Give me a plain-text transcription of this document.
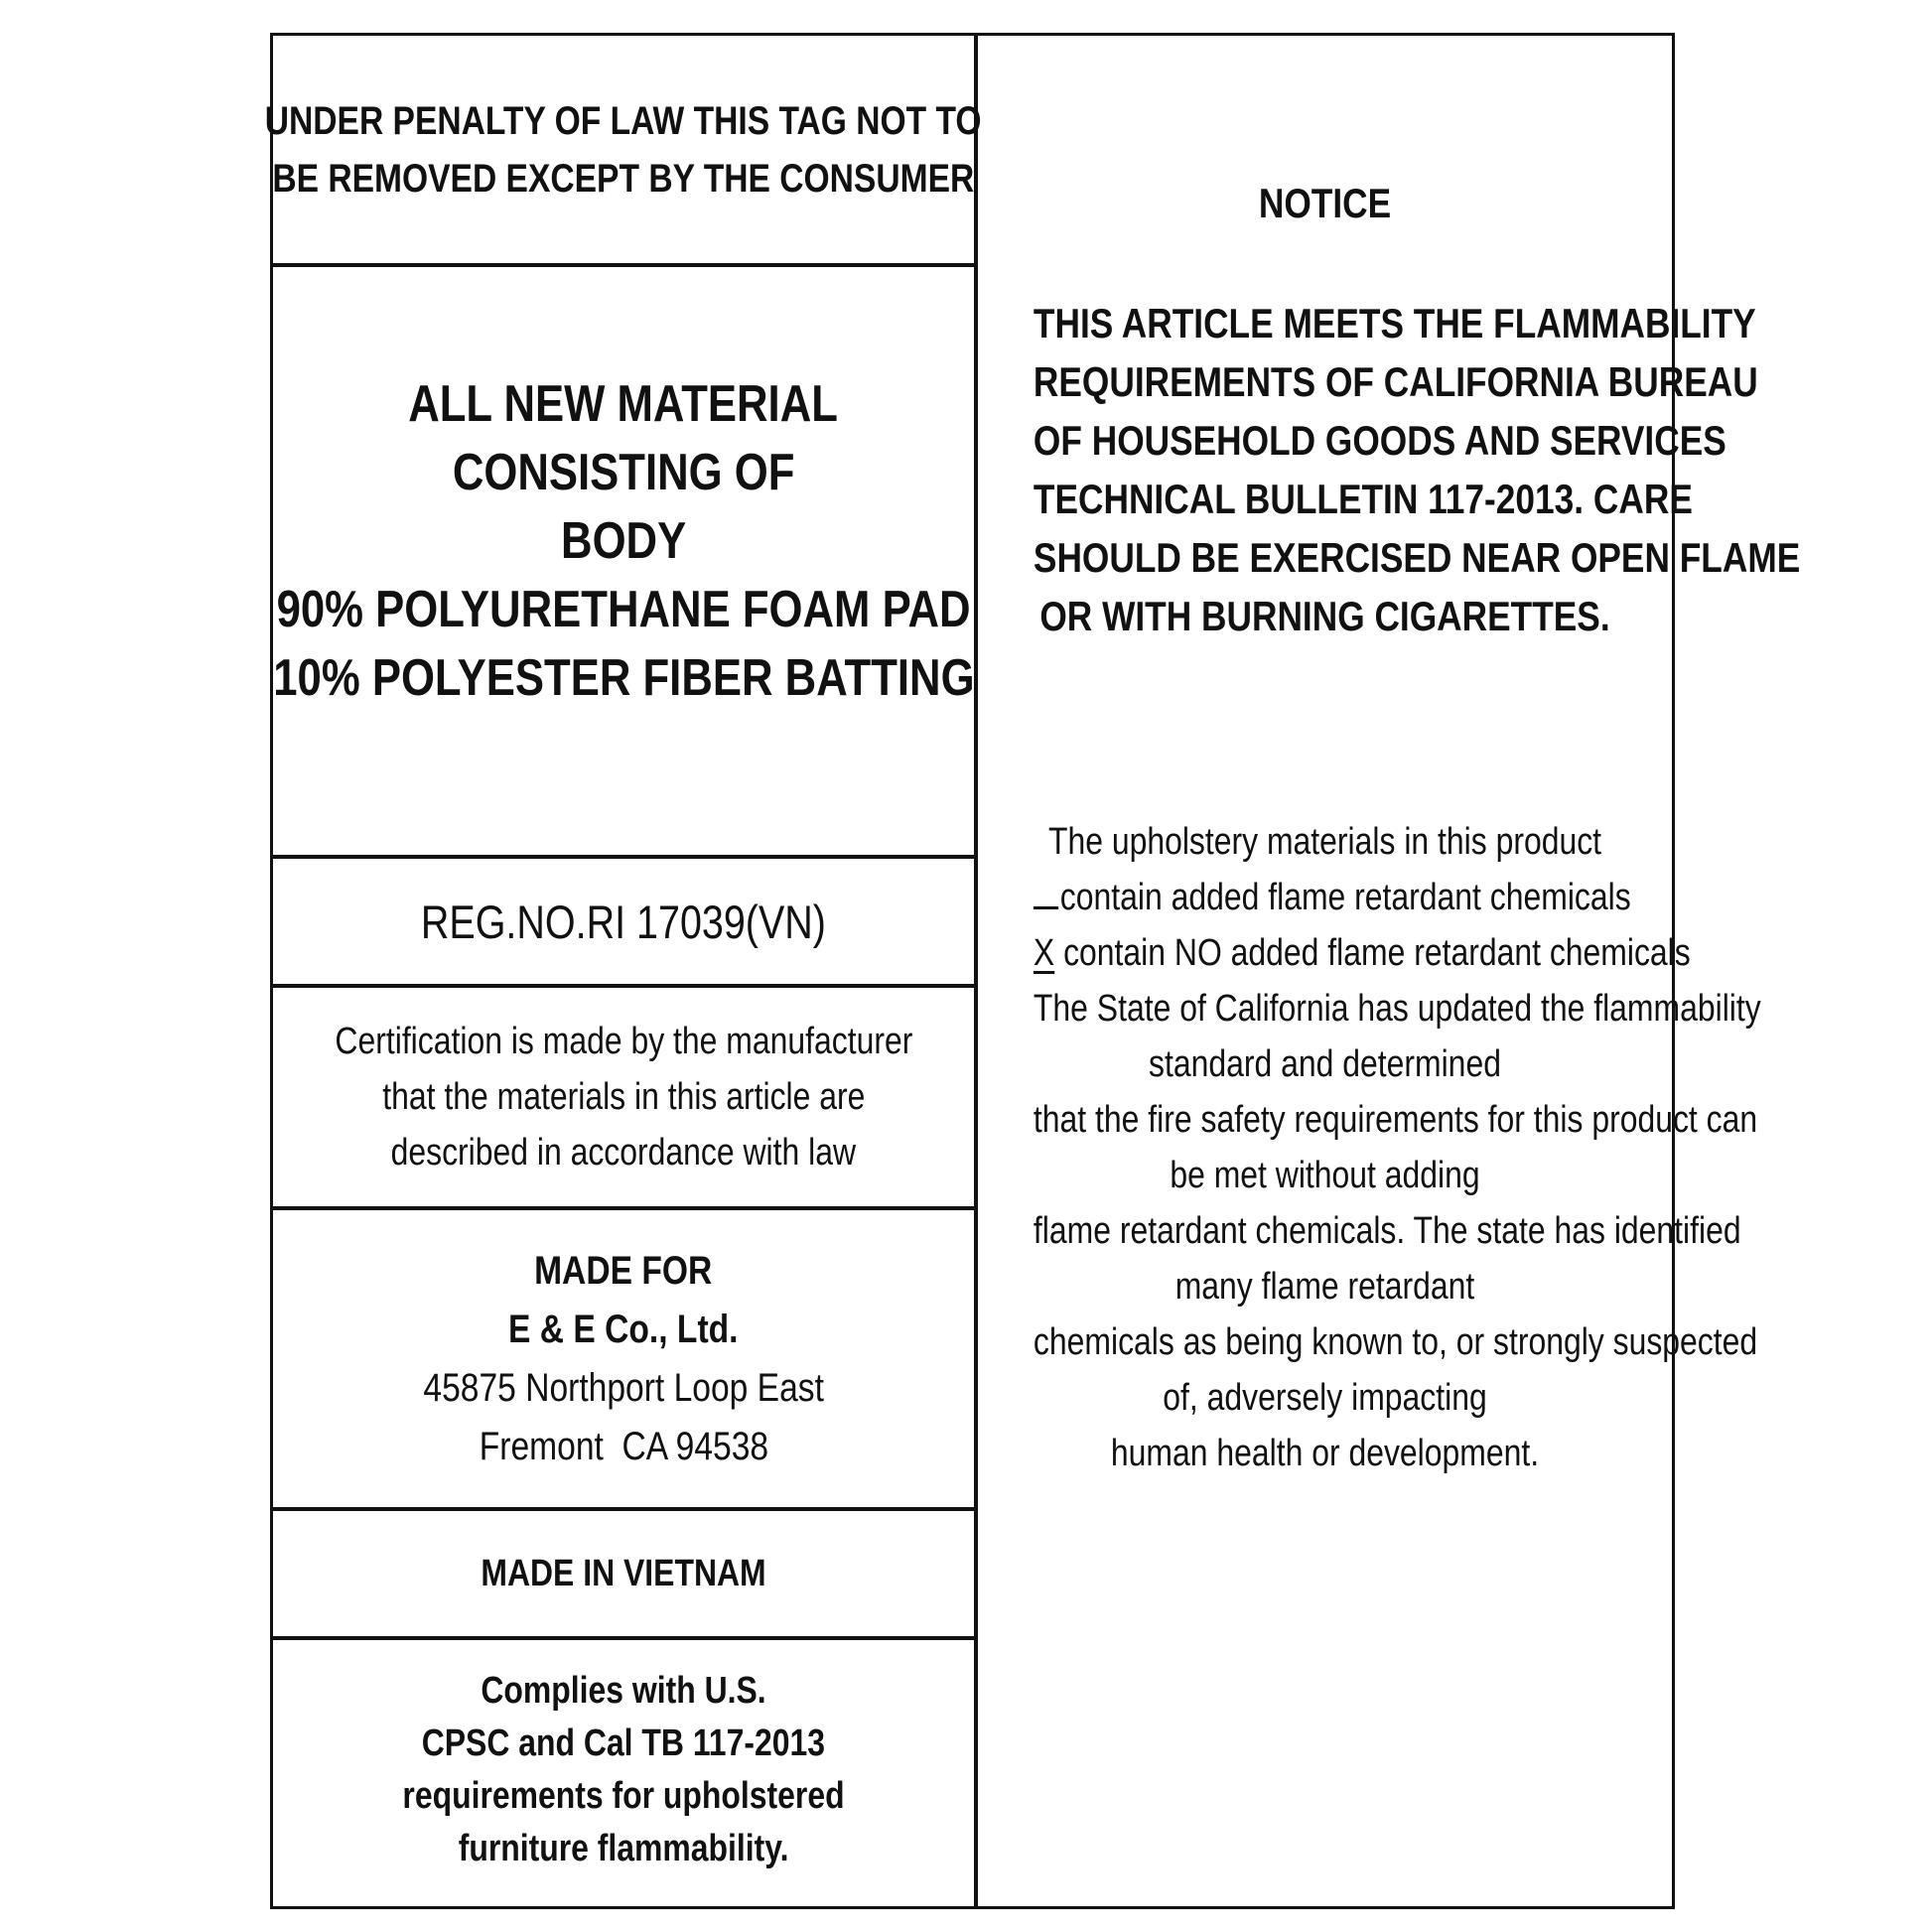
UNDER PENALTY OF LAW THIS TAG NOT TO
BE REMOVED EXCEPT BY THE CONSUMER
ALL NEW MATERIAL
CONSISTING OF
BODY
90% POLYURETHANE FOAM PAD
10% POLYESTER FIBER BATTING
REG.NO.RI 17039(VN)
Certification is made by the manufacturer
that the materials in this article are
described in accordance with law
MADE FOR
E & E Co., Ltd.
45875 Northport Loop East
Fremont  CA 94538
MADE IN VIETNAM
Complies with U.S.
CPSC and Cal TB 117-2013
requirements for upholstered
furniture flammability.
NOTICE
THIS ARTICLE MEETS THE FLAMMABILITY
REQUIREMENTS OF CALIFORNIA BUREAU
OF HOUSEHOLD GOODS AND SERVICES
TECHNICAL BULLETIN 117-2013. CARE
SHOULD BE EXERCISED NEAR OPEN FLAME
OR WITH BURNING CIGARETTES.
The upholstery materials in this product
contain added flame retardant chemicals
X contain NO added flame retardant chemicals
The State of California has updated the flammability
standard and determined
that the fire safety requirements for this product can
be met without adding
flame retardant chemicals. The state has identified
many flame retardant
chemicals as being known to, or strongly suspected
of, adversely impacting
human health or development.
